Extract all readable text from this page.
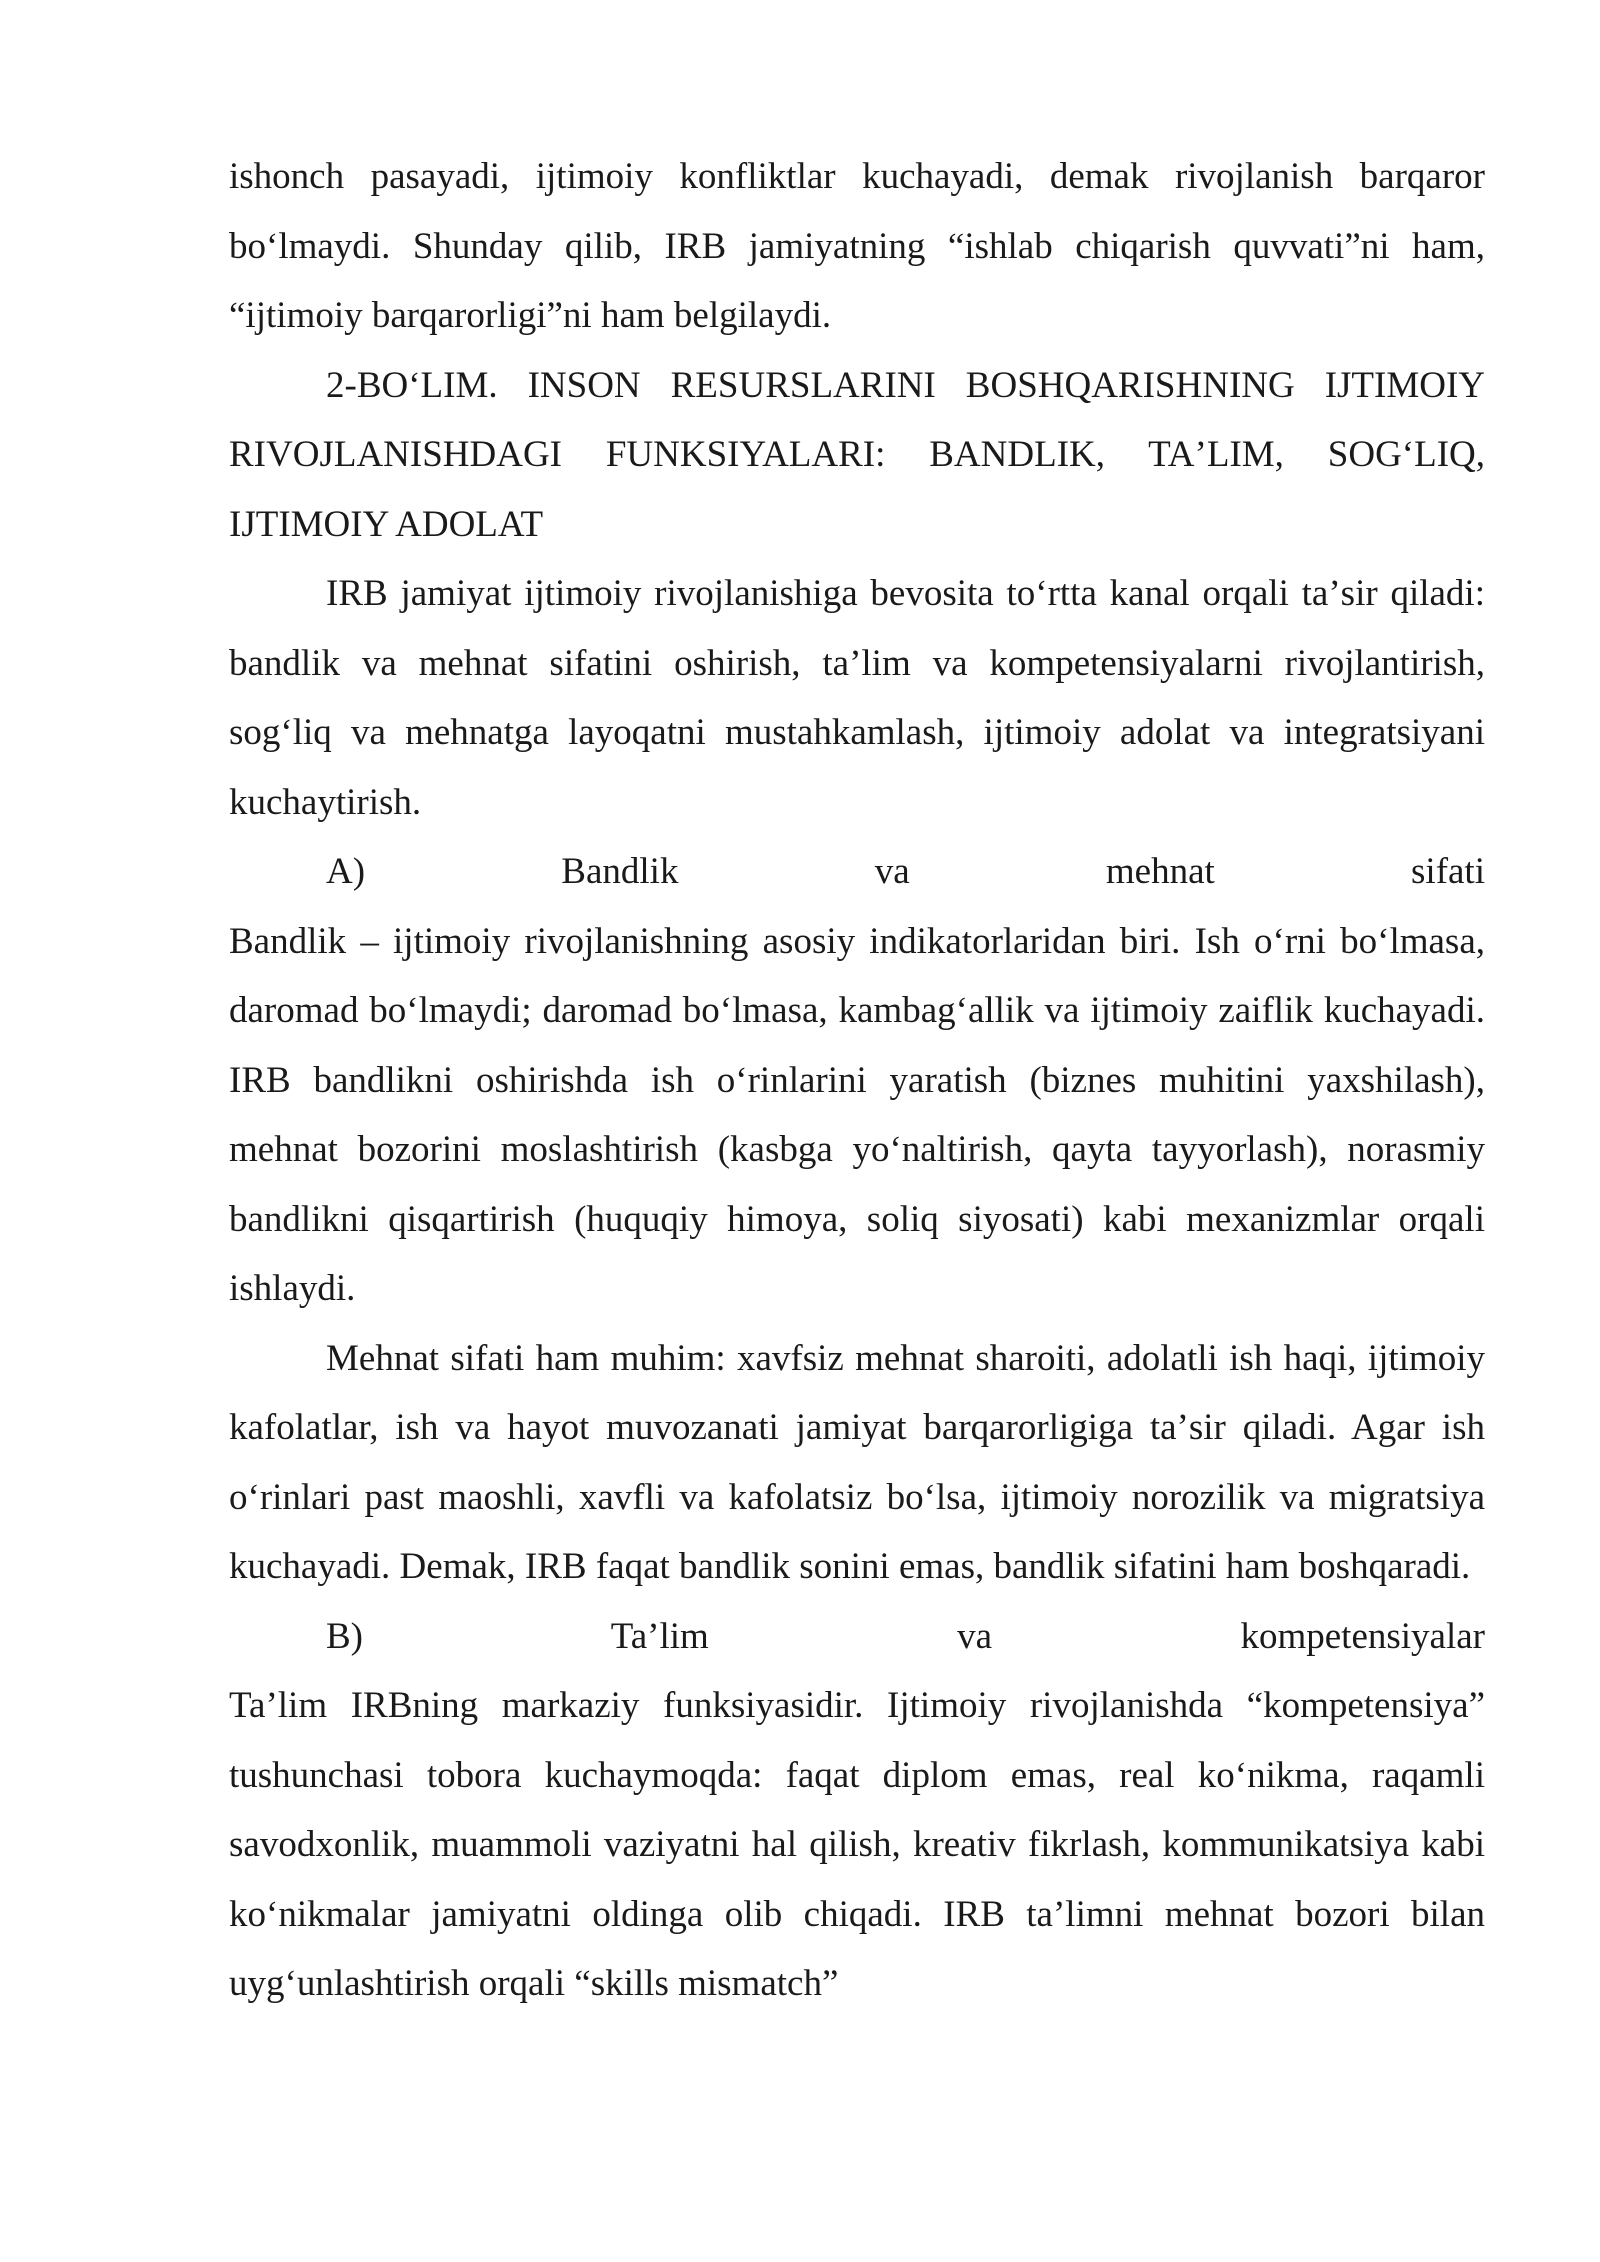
ishonch pasayadi, ijtimoiy konfliktlar kuchayadi, demak rivojlanish barqaror boʻlmaydi. Shunday qilib, IRB jamiyatning “ishlab chiqarish quvvati”ni ham, “ijtimoiy barqarorligi”ni ham belgilaydi.

2-BOʻLIM. INSON RESURSLARINI BOSHQARISHNING IJTIMOIY RIVOJLANISHDAGI FUNKSIYALARI: BANDLIK, TAʼLIM, SOGʻLIQ, IJTIMOIY ADOLAT

IRB jamiyat ijtimoiy rivojlanishiga bevosita toʻrtta kanal orqali taʼsir qiladi: bandlik va mehnat sifatini oshirish, taʼlim va kompetensiyalarni rivojlantirish, sogʻliq va mehnatga layoqatni mustahkamlash, ijtimoiy adolat va integratsiyani kuchaytirish.

A) Bandlik va mehnat sifati

Bandlik – ijtimoiy rivojlanishning asosiy indikatorlaridan biri. Ish oʻrni boʻlmasa, daromad boʻlmaydi; daromad boʻlmasa, kambagʻallik va ijtimoiy zaiflik kuchayadi. IRB bandlikni oshirishda ish oʻrinlarini yaratish (biznes muhitini yaxshilash), mehnat bozorini moslashtirish (kasbga yoʻnaltirish, qayta tayyorlash), norasmiy bandlikni qisqartirish (huquqiy himoya, soliq siyosati) kabi mexanizmlar orqali ishlaydi.

Mehnat sifati ham muhim: xavfsiz mehnat sharoiti, adolatli ish haqi, ijtimoiy kafolatlar, ish va hayot muvozanati jamiyat barqarorligiga taʼsir qiladi. Agar ish oʻrinlari past maoshli, xavfli va kafolatsiz boʻlsa, ijtimoiy norozilik va migratsiya kuchayadi. Demak, IRB faqat bandlik sonini emas, bandlik sifatini ham boshqaradi.

B) Taʼlim va kompetensiyalar

Taʼlim IRBning markaziy funksiyasidir. Ijtimoiy rivojlanishda “kompetensiya” tushunchasi tobora kuchaymoqda: faqat diplom emas, real koʻnikma, raqamli savodxonlik, muammoli vaziyatni hal qilish, kreativ fikrlash, kommunikatsiya kabi koʻnikmalar jamiyatni oldinga olib chiqadi. IRB taʼlimni mehnat bozori bilan uygʻunlashtirish orqali “skills mismatch”
